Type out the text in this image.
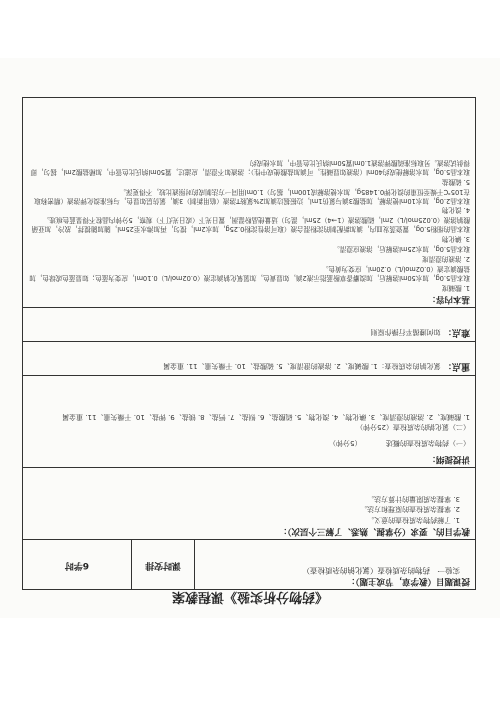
《药物分析实验》课程教案
授课题目（教学章，节或主题）：
实验一　药物的杂质检查（氯化钠的杂质检查）
	课时安排	6学时

教学目的、要求（分掌握、熟悉、了解三个层次）：
1. 了解药物杂质检查的意义。
2. 掌握杂质检查的原理和方法。
3. 掌握杂质限量的计算方法。

讲授提纲：
（一）药物杂质检查的概述　　　　（5分钟）
（二）氯化钠的杂质检查（25分钟）
1. 酸碱度、2. 溶液的澄清度、3. 碘化物、4. 溴化物、5. 硫酸盐、6. 钡盐、7. 钙盐、8. 镁盐、9. 钾盐、10. 干燥失重、11. 重金属

重点： 氯化钠的杂质检查：1. 酸碱度、2. 溶液的澄清度、5. 硫酸盐、10. 干燥失重、11. 重金属
难点： 如何遵循平行操作原则

基本内容：
1. 酸碱度
取本品5.0g，加水50ml溶解后，加溴麝香草酚蓝指示液2滴，如显黄色，加氢氧化钠滴定液（0.02mol/L）0.10ml，应变为蓝色；如显蓝色或绿色，加盐酸滴定液（0.02mol/L）0.20ml，应变为黄色。
2. 溶液的澄清度
取本品5.0g，加水25ml溶解后，溶液应澄清。
3. 碘化物
取本品的细粉5.0g，置瓷蒸发皿内，滴加新配制的淀粉混合液（取可溶性淀粉0.25g，加水2ml，搅匀，再加沸水至25ml，随加随搅拌，放冷，加亚硝酸钠溶液（0.025mol/L）2ml，硫酸溶液（1→4）25ml，混匀）适量使晶粉湿润，置日光下（或日光灯下）观察，5分钟内晶粒不得显蓝色痕迹。
4. 溴化物
取本品2.0g，加水10ml使溶解，加盐酸3滴与氯仿1ml，边振摇边滴加2%氯胺T溶液（临用新制）3滴，氯仿层如显色，与标准溴化钾溶液（精密称取在105℃干燥至恒重的溴化钾0.1485g，加水使溶解成100ml，摇匀）1.0ml用同一方法制成的对照液比较，不得更深。
5. 硫酸盐
取本品5.0g，加水溶解使成约40ml（溶液如显碱性，可滴加盐酸使成中性）；溶液如不澄清，应滤过，置50ml纳氏比色管中，加稀盐酸2ml，摇匀，即得供试溶液。另取标准硫酸钾溶液1.0ml置50ml纳氏比色管中，加水使成约
